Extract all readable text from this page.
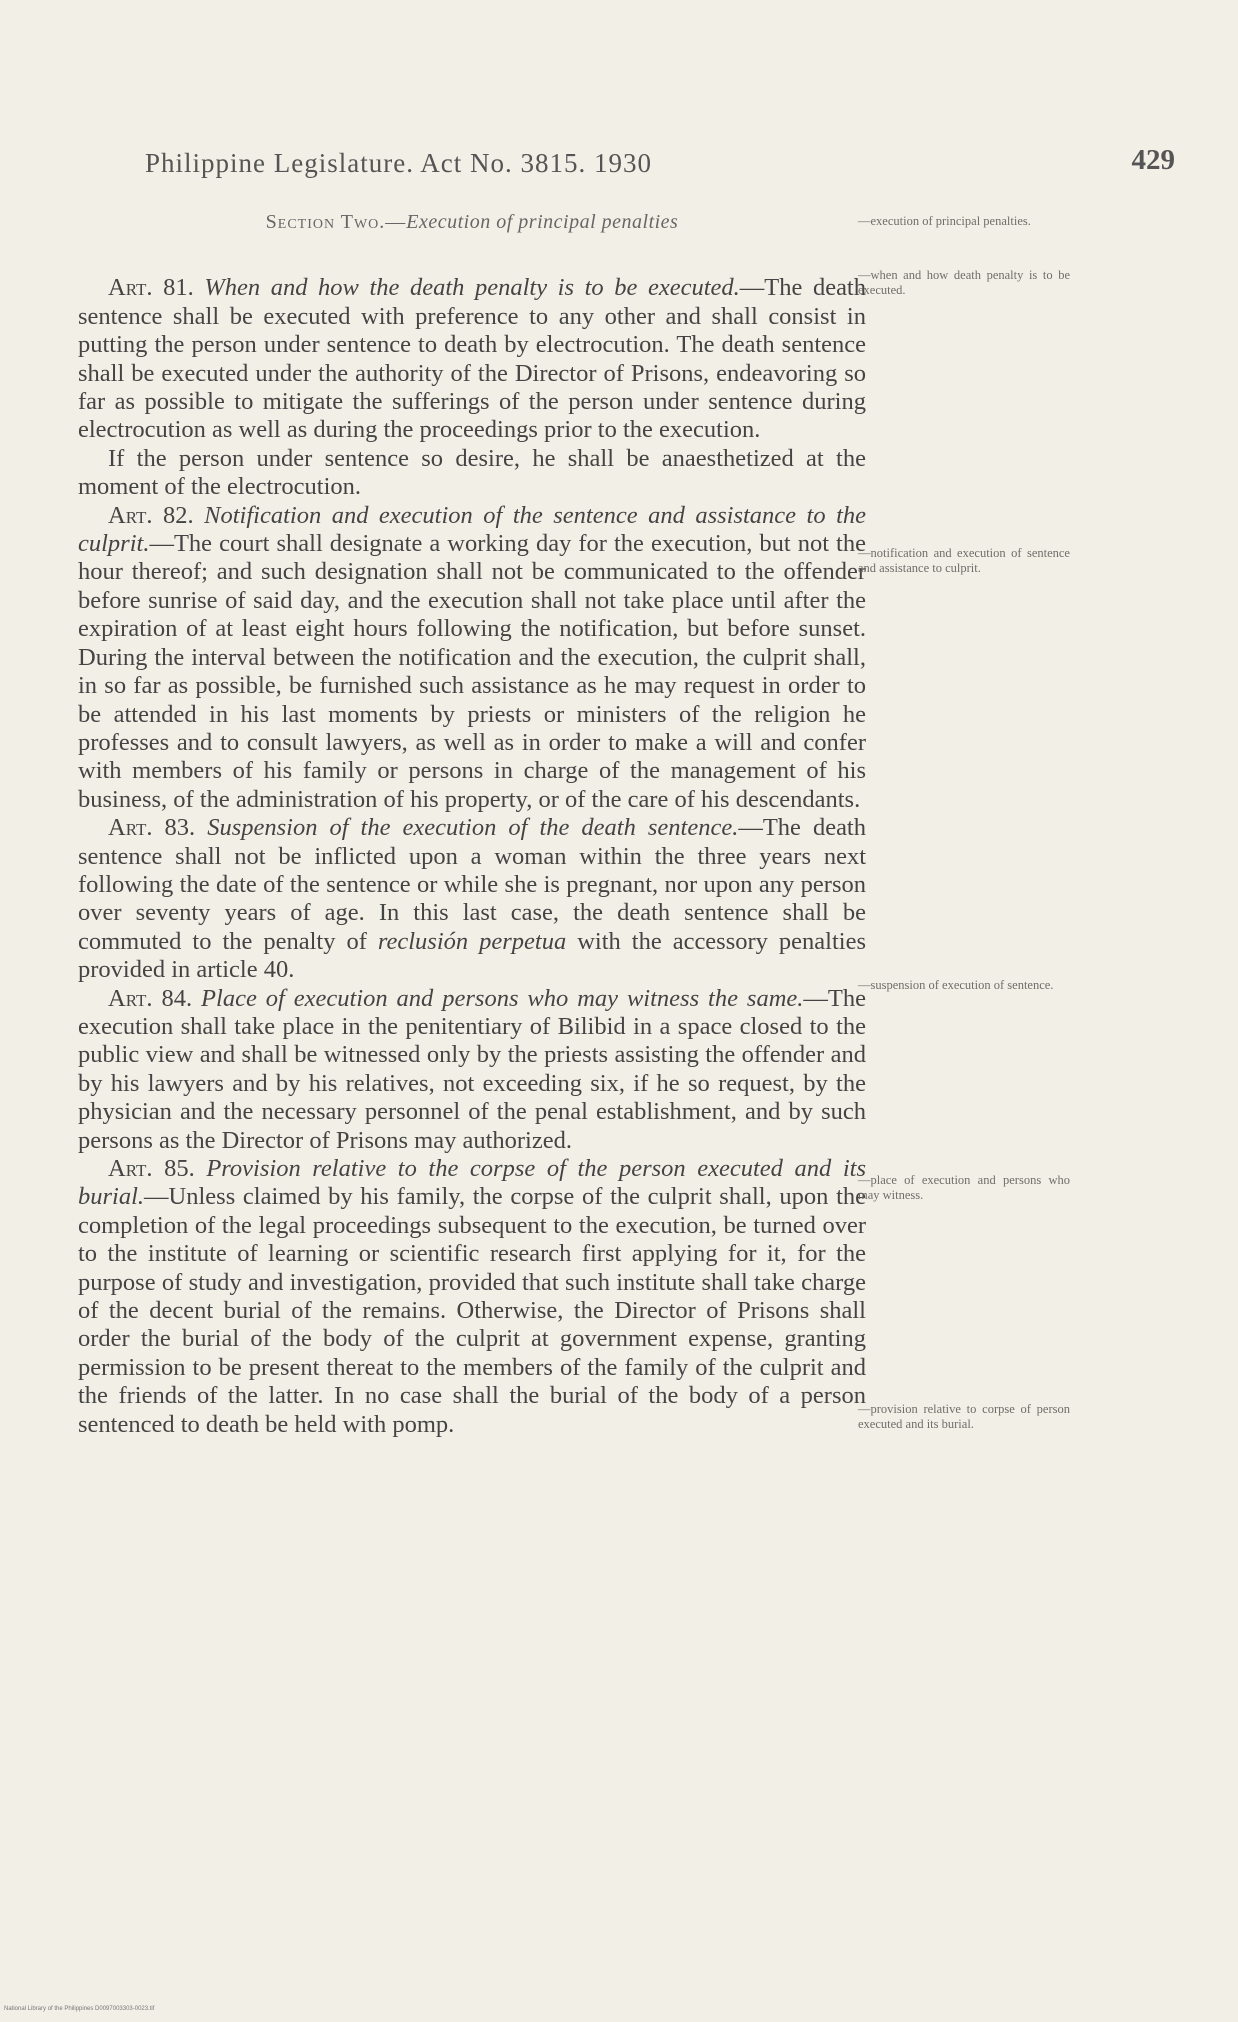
Philippine Legislature. Act No. 3815. 1930	429
Section Two.—Execution of principal penalties

Art. 81. When and how the death penalty is to be executed.—The death sentence shall be executed with preference to any other and shall consist in putting the person under sentence to death by electrocution. The death sentence shall be executed under the authority of the Director of Prisons, endeavoring so far as possible to mitigate the sufferings of the person under sentence during electrocution as well as during the proceedings prior to the execution.

If the person under sentence so desire, he shall be anaesthetized at the moment of the electrocution.

Art. 82. Notification and execution of the sentence and assistance to the culprit.—The court shall designate a working day for the execution, but not the hour thereof; and such designation shall not be communicated to the offender before sunrise of said day, and the execution shall not take place until after the expiration of at least eight hours following the notification, but before sunset. During the interval between the notification and the execution, the culprit shall, in so far as possible, be furnished such assistance as he may request in order to be attended in his last moments by priests or ministers of the religion he professes and to consult lawyers, as well as in order to make a will and confer with members of his family or persons in charge of the management of his business, of the administration of his property, or of the care of his descendants.

Art. 83. Suspension of the execution of the death sentence.—The death sentence shall not be inflicted upon a woman within the three years next following the date of the sentence or while she is pregnant, nor upon any person over seventy years of age. In this last case, the death sentence shall be commuted to the penalty of reclusión perpetua with the accessory penalties provided in article 40.

Art. 84. Place of execution and persons who may witness the same.—The execution shall take place in the penitentiary of Bilibid in a space closed to the public view and shall be witnessed only by the priests assisting the offender and by his lawyers and by his relatives, not exceeding six, if he so request, by the physician and the necessary personnel of the penal establishment, and by such persons as the Director of Prisons may authorized.

Art. 85. Provision relative to the corpse of the person executed and its burial.—Unless claimed by his family, the corpse of the culprit shall, upon the completion of the legal proceedings subsequent to the execution, be turned over to the institute of learning or scientific research first applying for it, for the purpose of study and investigation, provided that such institute shall take charge of the decent burial of the remains. Otherwise, the Director of Prisons shall order the burial of the body of the culprit at government expense, granting permission to be present thereat to the members of the family of the culprit and the friends of the latter. In no case shall the burial of the body of a person sentenced to death be held with pomp.

—execution of principal penalties.
—when and how death penalty is to be executed.
—notification and execution of sentence and assistance to culprit.
—suspension of execution of sentence.
—place of execution and persons who may witness.
—provision relative to corpse of person executed and its burial.
National Library of the Philippines D0097003303-0023.tif
